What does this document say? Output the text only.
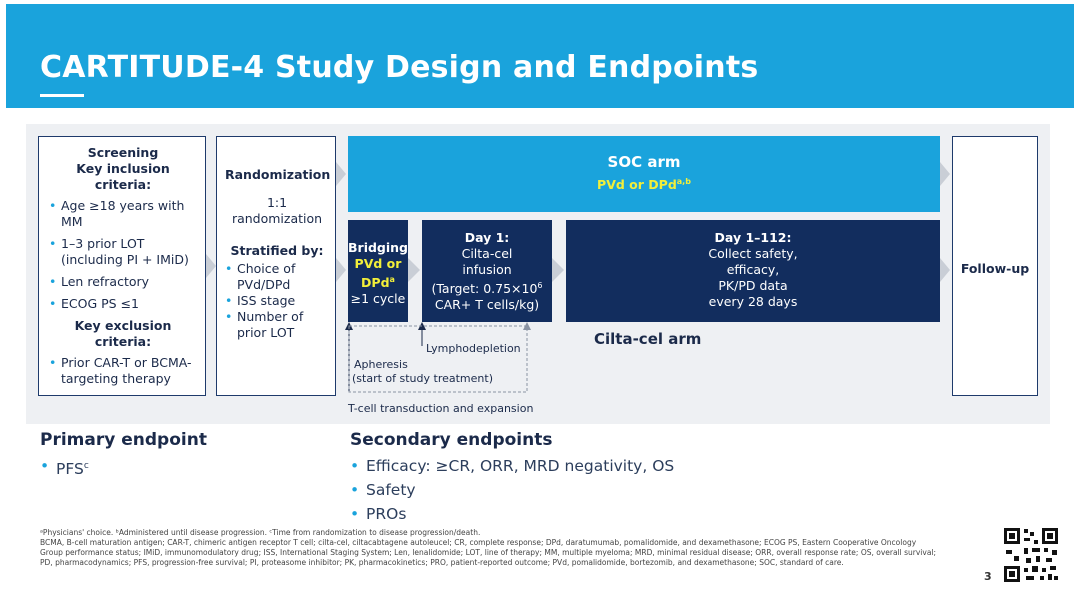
CARTITUDE-4 Study Design and Endpoints
Screening
Key inclusion criteria:
• Age ≥18 years with MM
• 1–3 prior LOT (including PI + IMiD)
• Len refractory
• ECOG PS ≤1
Key exclusion criteria:
• Prior CAR-T or BCMA-targeting therapy
Randomization
1:1 randomization
Stratified by:
• Choice of PVd/DPd
• ISS stage
• Number of prior LOT
SOC arm
PVd or DPd$^{a,b}$
Bridging
PVd or
DPd$^a$
≥1 cycle
Day 1:
Cilta-cel
infusion
(Target: $0.75\times 10^6$
CAR+ T cells/kg)
Day 1–112:
Collect safety,
efficacy,
PK/PD data
every 28 days
Follow-up
Cilta-cel arm
Lymphodepletion
Apheresis
(start of study treatment)
T-cell transduction and expansion
Primary endpoint
• PFS$^c$
Secondary endpoints
• Efficacy: ≥CR, ORR, MRD negativity, OS
• Safety
• PROs
ᵃPhysicians' choice. ᵇAdministered until disease progression. ᶜTime from randomization to disease progression/death.
BCMA, B-cell maturation antigen; CAR-T, chimeric antigen receptor T cell; cilta-cel, ciltacabtagene autoleucel; CR, complete response; DPd, daratumumab, pomalidomide, and dexamethasone; ECOG PS, Eastern Cooperative Oncology Group performance status; IMiD, immunomodulatory drug; ISS, International Staging System; Len, lenalidomide; LOT, line of therapy; MM, multiple myeloma; MRD, minimal residual disease; ORR, overall response rate; OS, overall survival; PD, pharmacodynamics; PFS, progression-free survival; PI, proteasome inhibitor; PK, pharmacokinetics; PRO, patient-reported outcome; PVd, pomalidomide, bortezomib, and dexamethasone; SOC, standard of care.
3
